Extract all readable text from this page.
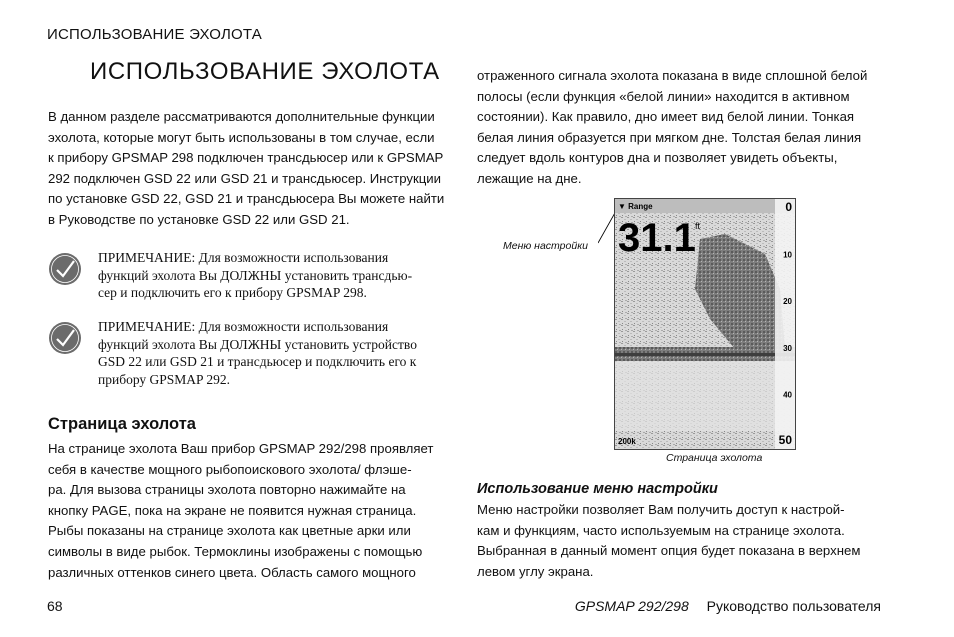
ИСПОЛЬЗОВАНИЕ ЭХОЛОТА
ИСПОЛЬЗОВАНИЕ ЭХОЛОТА

В данном разделе рассматриваются дополнительные функции
эхолота, которые могут быть использованы в том случае, если
к прибору GPSMAP 298 подключен трансдьюсер или к GPSMAP
292 подключен GSD 22 или GSD 21 и трансдьюсер. Инструкции
по установке GSD 22, GSD 21 и трансдьюсера Вы можете найти
в Руководстве по установке GSD 22 или GSD 21.

ПРИМЕЧАНИЕ: Для возможности использования
функций эхолота Вы ДОЛЖНЫ установить трансдью-
сер и подключить его к прибору GPSMAP 298.
ПРИМЕЧАНИЕ: Для возможности использования
функций эхолота Вы ДОЛЖНЫ установить устройство
GSD 22 или GSD 21 и трансдьюсер и подключить его к
прибору GPSMAP 292.
Страница эхолота

На странице эхолота Ваш прибор GPSMAP 292/298 проявляет
себя в качестве мощного рыбопоискового эхолота/ флэше-
ра. Для вызова страницы эхолота повторно нажимайте на
кнопку PAGE, пока на экране не появится нужная страница.
Рыбы показаны на странице эхолота как цветные арки или
символы в виде рыбок. Термоклины изображены с помощью
различных оттенков синего цвета. Область самого мощного

отраженного сигнала эхолота показана в виде сплошной белой
полосы (если функция «белой линии» находится в активном
состоянии). Как правило, дно имеет вид белой линии. Тонкая
белая линия образуется при мягком дне. Толстая белая линия
следует вдоль контуров дна и позволяет увидеть объекты,
лежащие на дне.

Меню настройки
▼ Range
31.1 ft
200k
0
10
20
30
40
50
Страница эхолота
Использование меню настройки

Меню настройки позволяет Вам получить доступ к настрой-
кам и функциям, часто используемым на странице эхолота.
Выбранная в данный момент опция будет показана в верхнем
левом углу экрана.

68	GPSMAP 292/298 Руководство пользователя
